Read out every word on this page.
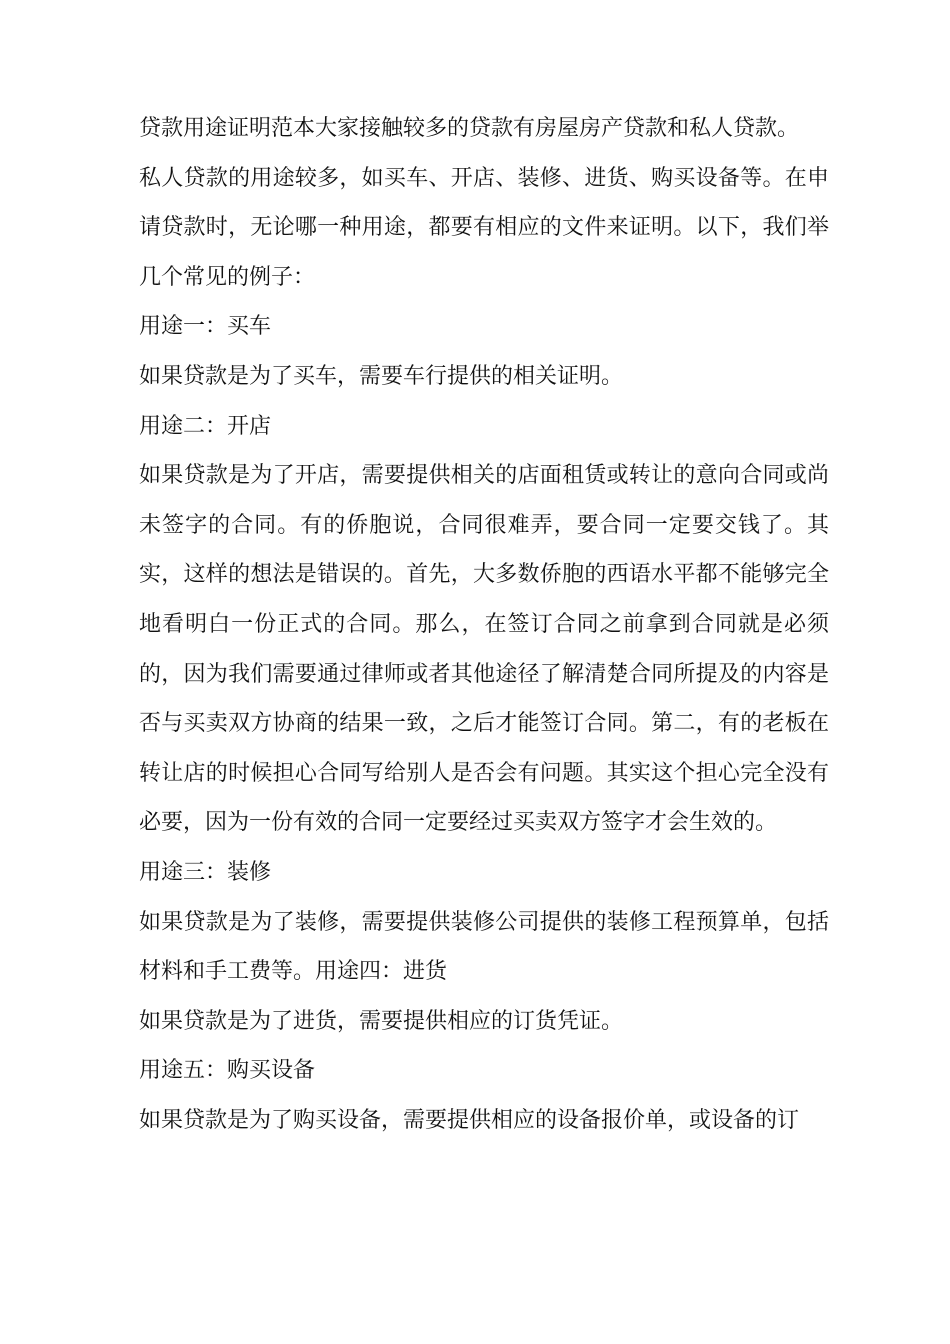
贷款用途证明范本大家接触较多的贷款有房屋房产贷款和私人贷款。

私人贷款的用途较多，如买车、开店、装修、进货、购买设备等。在申请贷款时，无论哪一种用途，都要有相应的文件来证明。以下，我们举几个常见的例子：

用途一：买车

如果贷款是为了买车，需要车行提供的相关证明。

用途二：开店

如果贷款是为了开店，需要提供相关的店面租赁或转让的意向合同或尚未签字的合同。有的侨胞说，合同很难弄，要合同一定要交钱了。其实，这样的想法是错误的。首先，大多数侨胞的西语水平都不能够完全地看明白一份正式的合同。那么，在签订合同之前拿到合同就是必须的，因为我们需要通过律师或者其他途径了解清楚合同所提及的内容是否与买卖双方协商的结果一致，之后才能签订合同。第二，有的老板在转让店的时候担心合同写给别人是否会有问题。其实这个担心完全没有必要，因为一份有效的合同一定要经过买卖双方签字才会生效的。

用途三：装修

如果贷款是为了装修，需要提供装修公司提供的装修工程预算单，包括材料和手工费等。用途四：进货

如果贷款是为了进货，需要提供相应的订货凭证。

用途五：购买设备

如果贷款是为了购买设备，需要提供相应的设备报价单，或设备的订
